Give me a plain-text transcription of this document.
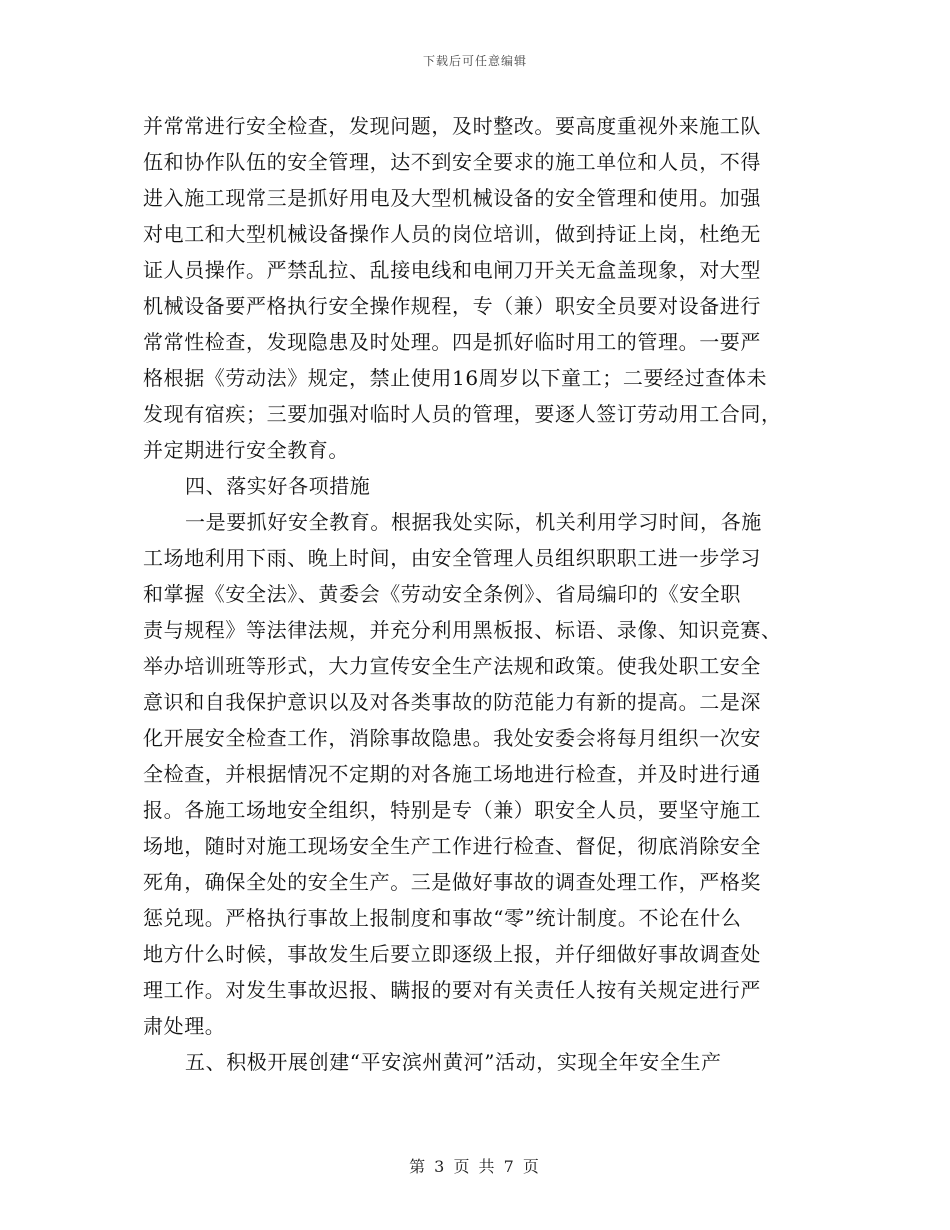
下载后可任意编辑
并常常进行安全检查，发现问题，及时整改。要高度重视外来施工队
伍和协作队伍的安全管理，达不到安全要求的施工单位和人员，不得
进入施工现常三是抓好用电及大型机械设备的安全管理和使用。加强
对电工和大型机械设备操作人员的岗位培训，做到持证上岗，杜绝无
证人员操作。严禁乱拉、乱接电线和电闸刀开关无盒盖现象，对大型
机械设备要严格执行安全操作规程，专（兼）职安全员要对设备进行
常常性检查，发现隐患及时处理。四是抓好临时用工的管理。一要严
格根据《劳动法》规定，禁止使用16周岁以下童工；二要经过查体未
发现有宿疾；三要加强对临时人员的管理，要逐人签订劳动用工合同，
并定期进行安全教育。
四、落实好各项措施
一是要抓好安全教育。根据我处实际，机关利用学习时间，各施
工场地利用下雨、晚上时间，由安全管理人员组织职职工进一步学习
和掌握《安全法》、黄委会《劳动安全条例》、省局编印的《安全职
责与规程》等法律法规，并充分利用黑板报、标语、录像、知识竞赛、
举办培训班等形式，大力宣传安全生产法规和政策。使我处职工安全
意识和自我保护意识以及对各类事故的防范能力有新的提高。二是深
化开展安全检查工作，消除事故隐患。我处安委会将每月组织一次安
全检查，并根据情况不定期的对各施工场地进行检查，并及时进行通
报。各施工场地安全组织，特别是专（兼）职安全人员，要坚守施工
场地，随时对施工现场安全生产工作进行检查、督促，彻底消除安全
死角，确保全处的安全生产。三是做好事故的调查处理工作，严格奖
惩兑现。严格执行事故上报制度和事故“零”统计制度。不论在什么
地方什么时候，事故发生后要立即逐级上报，并仔细做好事故调查处
理工作。对发生事故迟报、瞒报的要对有关责任人按有关规定进行严
肃处理。
五、积极开展创建“平安滨州黄河”活动，实现全年安全生产
第 3 页 共 7 页
